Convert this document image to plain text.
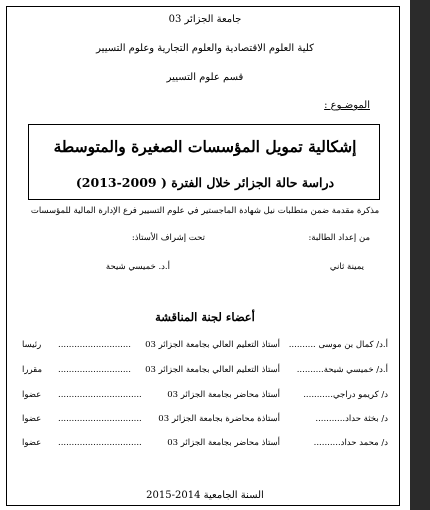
جامعة الجزائر 03
كلية العلوم الاقتصادية والعلوم التجارية وعلوم التسيير
قسم علوم التسيير
الموضـوع :
إشكالية تمويل المؤسسات الصغيرة والمتوسطة
دراسة حالة الجزائر خلال الفترة ( 2009-2013)
مذكرة مقدمة ضمن متطلبات نيل شهادة الماجستير في علوم التسيير فرع الإدارة المالية للمؤسسات
من إعداد الطالبة:
تحت إشراف الأستاذ:
يمينة ثاني
أ.د. خميسي شيحة
أعضاء لجنة المناقشة
أ.د/ كمال بن موسى ..........
أستاذ التعليم العالي بجامعة الجزائر 03
...........................
رئيسا
أ.د/ خميسي شيحة..........
أستاذ التعليم العالي بجامعة الجزائر 03
...........................
مقررا
د/ كريمو دراجي...........
أستاذ محاضر بجامعة الجزائر 03
...............................
عضوا
د/ بخثة حداد...........
أستاذة محاضرة بجامعة الجزائر 03
...............................
عضوا
د/ محمد حداد..........
أستاذ محاضر بجامعة الجزائر 03
...............................
عضوا
السنة الجامعية 2014-2015
